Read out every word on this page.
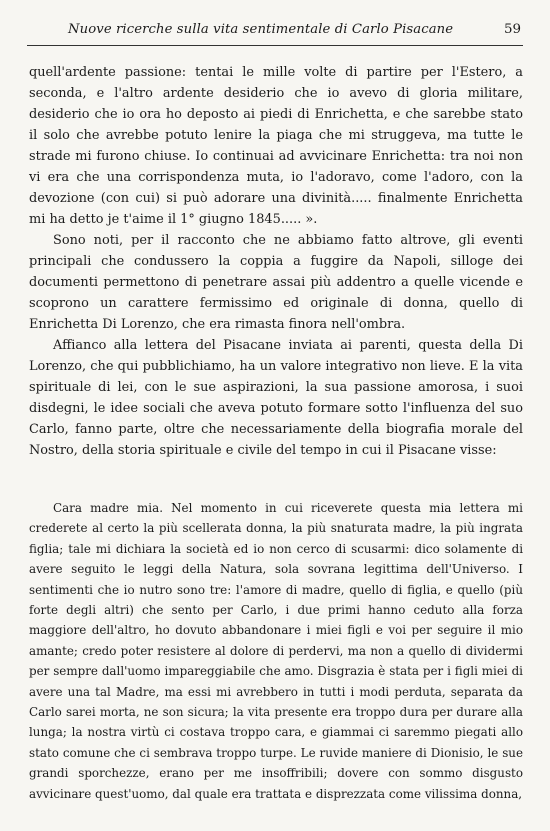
Nuove ricerche sulla vita sentimentale di Carlo Pisacane	59

quell'ardente passione: tentai le mille volte di partire per l'Estero, a seconda, e l'altro ardente desiderio che io avevo di gloria militare, desiderio che io ora ho deposto ai piedi di Enrichetta, e che sarebbe stato il solo che avrebbe potuto lenire la piaga che mi struggeva, ma tutte le strade mi furono chiuse. Io continuai ad avvicinare Enrichetta: tra noi non vi era che una corrispondenza muta, io l'adoravo, come l'adoro, con la devozione (con cui) si può adorare una divinità..... finalmente Enrichetta mi ha detto je t'aime il 1° giugno 1845..... ».

Sono noti, per il racconto che ne abbiamo fatto altrove, gli eventi principali che condussero la coppia a fuggire da Napoli, silloge dei documenti permettono di penetrare assai più addentro a quelle vicende e scoprono un carattere fermissimo ed originale di donna, quello di Enrichetta Di Lorenzo, che era rimasta finora nell'ombra.

Affianco alla lettera del Pisacane inviata ai parenti, questa della Di Lorenzo, che qui pubblichiamo, ha un valore integrativo non lieve. E la vita spirituale di lei, con le sue aspirazioni, la sua passione amorosa, i suoi disdegni, le idee sociali che aveva potuto formare sotto l'influenza del suo Carlo, fanno parte, oltre che necessariamente della biografia morale del Nostro, della storia spirituale e civile del tempo in cui il Pisacane visse:

Cara madre mia. Nel momento in cui riceverete questa mia lettera mi crederete al certo la più scellerata donna, la più snaturata madre, la più ingrata figlia; tale mi dichiara la società ed io non cerco di scusarmi: dico solamente di avere seguito le leggi della Natura, sola sovrana legittima dell'Universo. I sentimenti che io nutro sono tre: l'amore di madre, quello di figlia, e quello (più forte degli altri) che sento per Carlo, i due primi hanno ceduto alla forza maggiore dell'altro, ho dovuto abbandonare i miei figli e voi per seguire il mio amante; credo poter resistere al dolore di perdervi, ma non a quello di dividermi per sempre dall'uomo impareggiabile che amo. Disgrazia è stata per i figli miei di avere una tal Madre, ma essi mi avrebbero in tutti i modi perduta, separata da Carlo sarei morta, ne son sicura; la vita presente era troppo dura per durare alla lunga; la nostra virtù ci costava troppo cara, e giammai ci saremmo piegati allo stato comune che ci sembrava troppo turpe. Le ruvide maniere di Dionisio, le sue grandi sporchezze, erano per me insoffribili; dovere con sommo disgusto avvicinare quest'uomo, dal quale era trattata e disprezzata come vilissima donna,
